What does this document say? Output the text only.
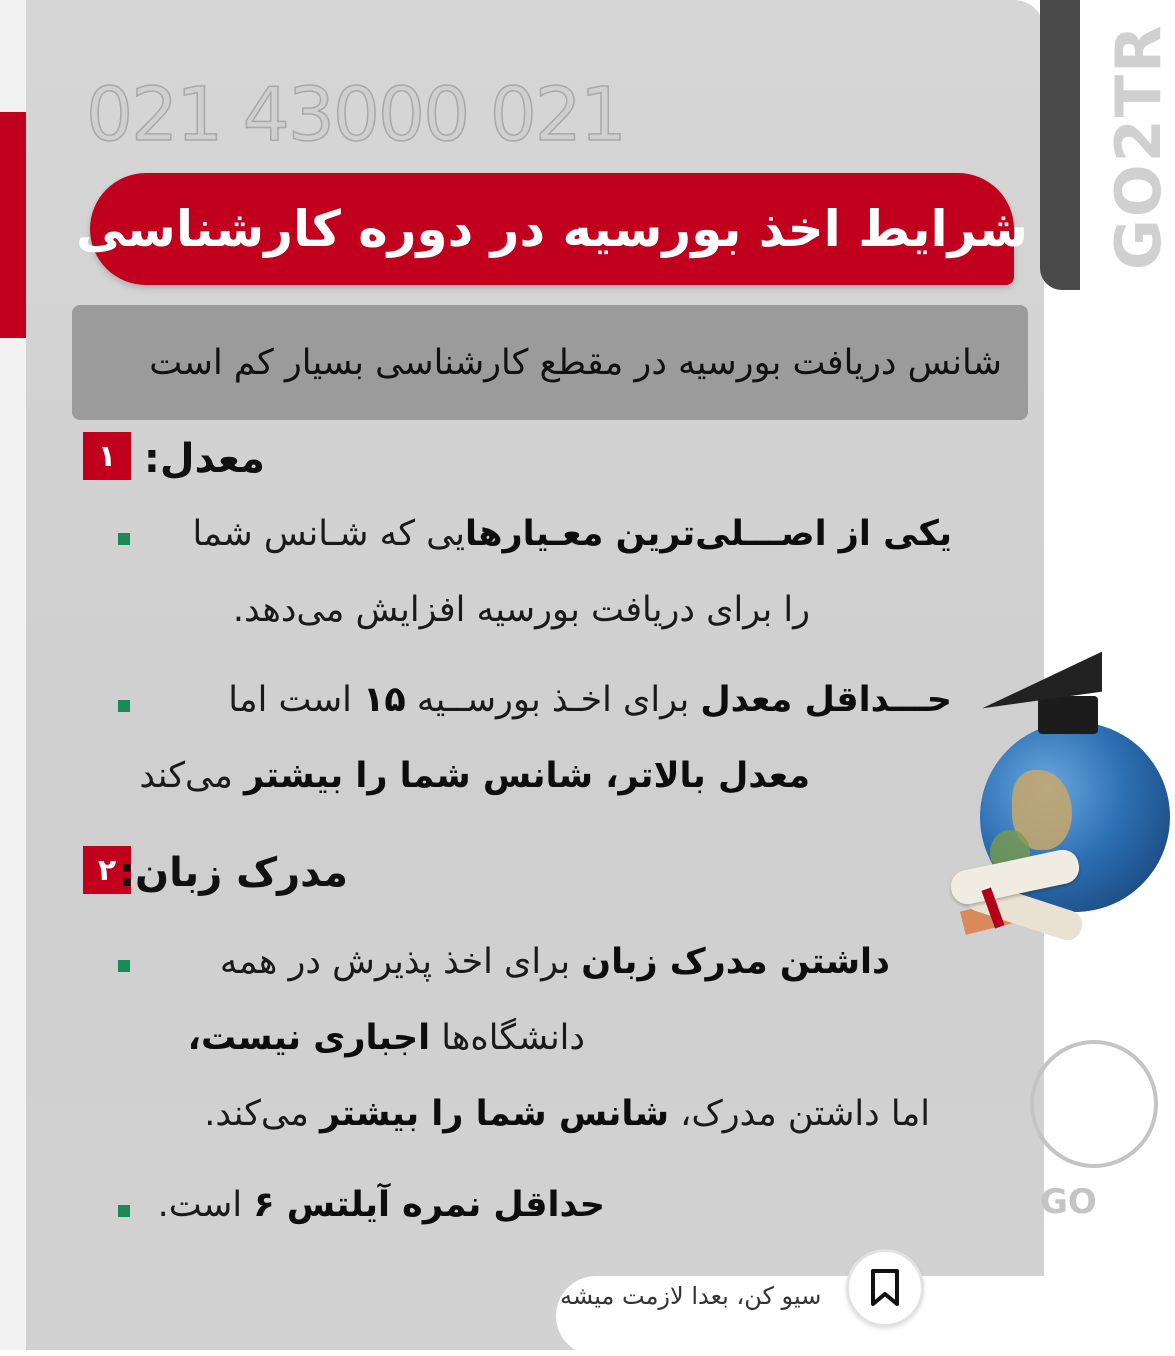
GO2TR
021 43000 021
شرایط اخذ بورسیه در دوره کارشناسی
شانس دریافت بورسیه در مقطع کارشناسی بسیار کم است
۱ معدل:
یکی از اصـــلی‌ترین معـیارهایی که شـانس شما
را برای دریافت بورسیه افزایش می‌دهد.
حـــداقل معدل برای اخـذ بورســیه ۱۵ است اما
معدل بالاتر، شانس شما را بیشتر می‌کند
۲ مدرک زبان:
داشتن مدرک زبان برای اخذ پذیرش در همه
دانشگاه‌ها اجباری نیست،
اما داشتن مدرک، شانس شما را بیشتر می‌کند.
حداقل نمره آیلتس ۶ است.	GO
سیو کن، بعدا لازمت میشه
